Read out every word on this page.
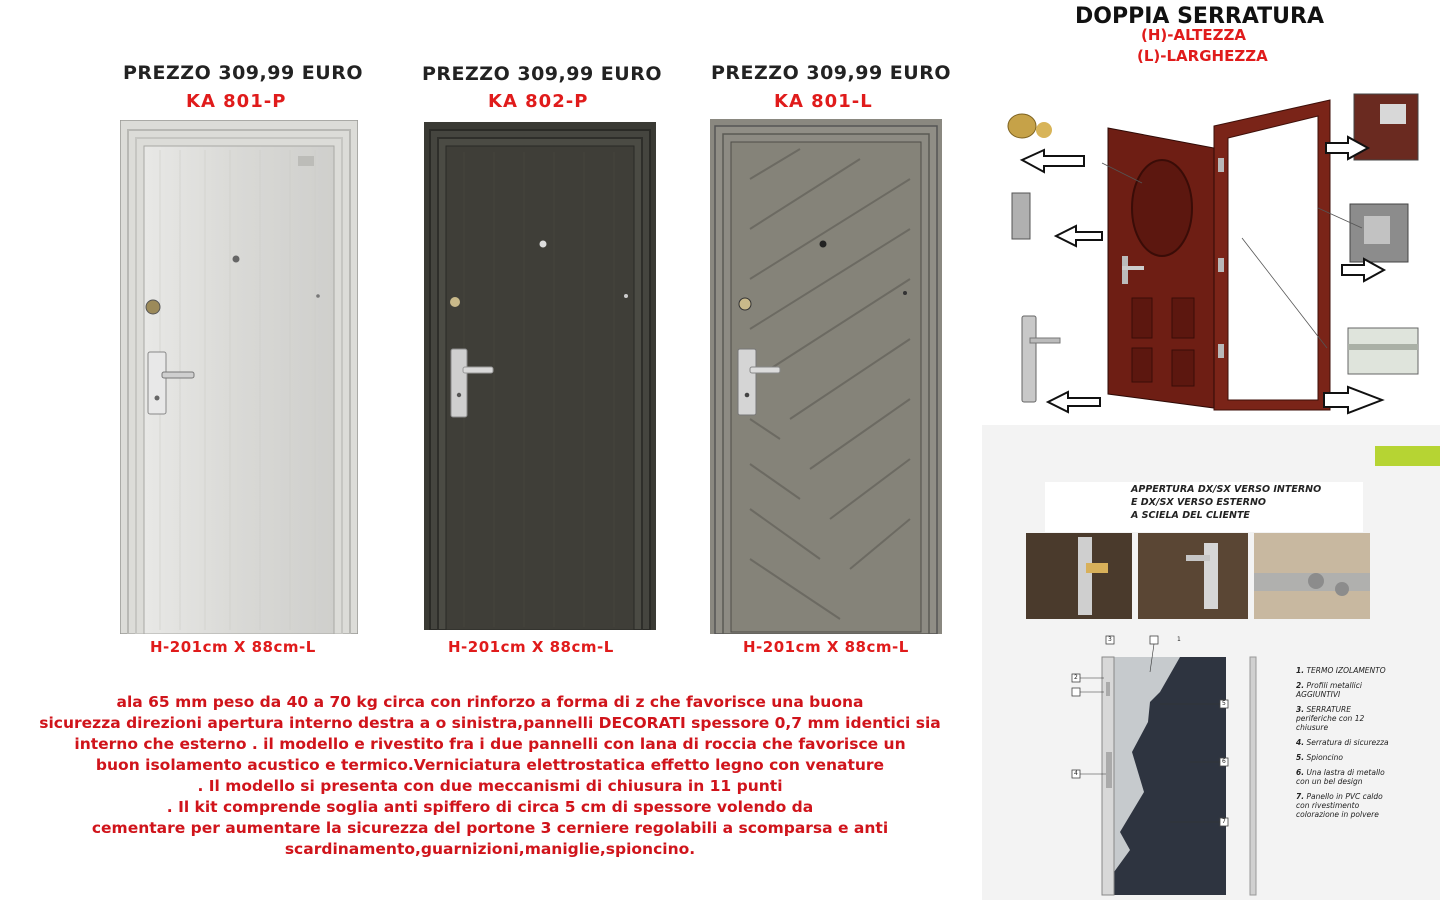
PREZZO 309,99 EURO
KA 801-P
H-201cm X 88cm-L
PREZZO 309,99 EURO
KA 802-P
H-201cm X 88cm-L
PREZZO 309,99 EURO
KA 801-L
H-201cm X 88cm-L
ala 65 mm peso da 40 a 70 kg circa con rinforzo a forma di z che favorisce una buona
sicurezza direzioni apertura interno destra a o sinistra,pannelli DECORATI spessore 0,7 mm identici sia
interno che esterno . il modello e rivestito fra i due pannelli con lana di roccia che favorisce un
buon isolamento acustico e termico.Verniciatura elettrostatica effetto legno con venature
. Il modello si presenta con due meccanismi di chiusura in 11 punti
. Il kit comprende soglia anti spiffero di circa 5 cm di spessore volendo da
cementare per aumentare la sicurezza del portone 3 cerniere regolabili a scomparsa e anti
scardinamento,guarnizioni,maniglie,spioncino.
DOPPIA SERRATURA
(H)-ALTEZZA
(L)-LARGHEZZA
APPERTURA DX/SX VERSO INTERNO
E DX/SX VERSO ESTERNO
A SCIELA DEL CLIENTE
1
3
2
4
5
6
7
1. TERMO IZOLAMENTO
2. Profili metallici AGGIUNTIVI
3. SERRATURE periferiche con 12 chiusure
4. Serratura di sicurezza
5. Spioncino
6. Una lastra di metallo con un bel design
7. Panello in PVC caldo con rivestimento colorazione in polvere
